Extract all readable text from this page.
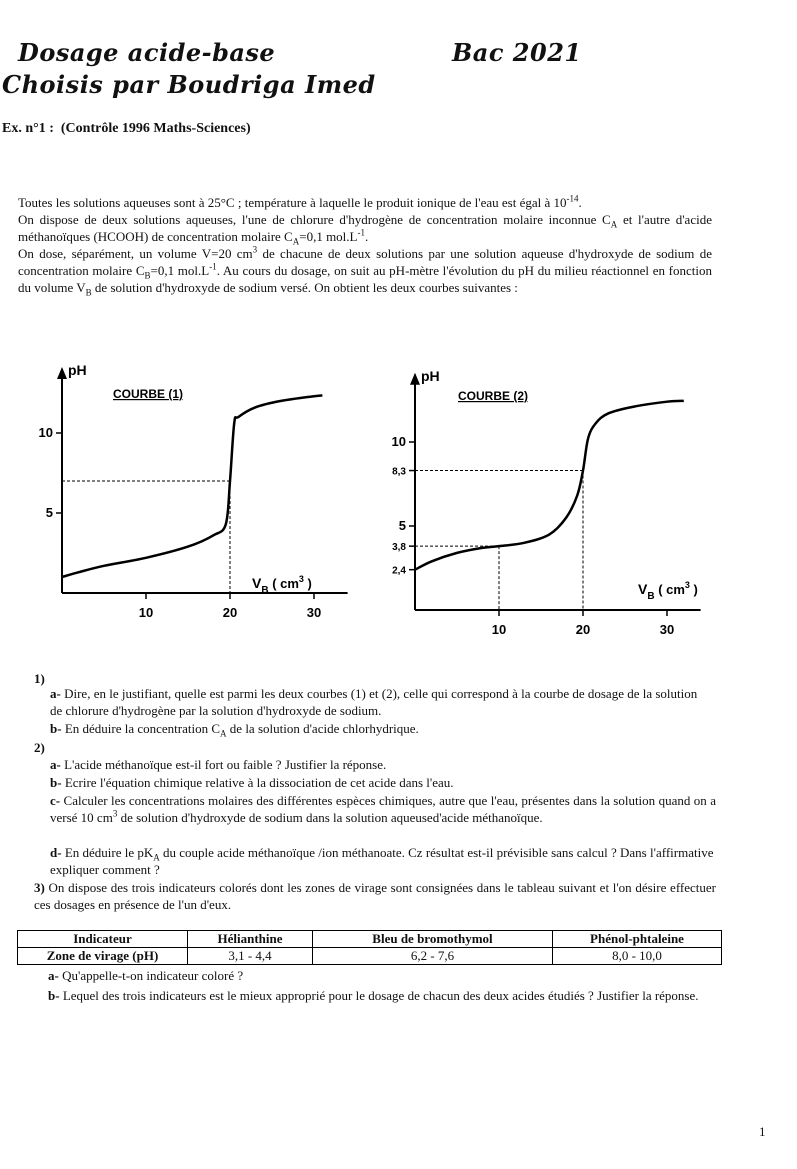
Dosage acide-base	Bac 2021
Choisis par Boudriga Imed
Ex. n°1 : (Contrôle 1996 Maths-Sciences)
Toutes les solutions aqueuses sont à 25°C ; température à laquelle le produit ionique de l'eau est égal à $10^{-14}$.
On dispose de deux solutions aqueuses, l'une de chlorure d'hydrogène de concentration molaire inconnue $C_A$ et l'autre d'acide méthanoïques (HCOOH) de concentration molaire $C_A=0,1$ $mol.L^{-1}$.
On dose, séparément, un volume V=20 $cm^3$ de chacune de deux solutions par une solution aqueuse d'hydroxyde de sodium de concentration molaire $C_B=0,1$ $mol.L^{-1}$. Au cours du dosage, on suit au pH-mètre l'évolution du pH du milieu réactionnel en fonction du volume $V_B$ de solution d'hydroxyde de sodium versé. On obtient les deux courbes suivantes :
pH
COURBE (1)
10	20	30
5
10
$V_B$ ( $cm^3$ )
pH
COURBE (2)
10	20	30
2,4
3,8
5
8,3
10
$V_B$ ( $cm^3$ )
1)
a- Dire, en le justifiant, quelle est parmi les deux courbes (1) et (2), celle qui correspond à la courbe de dosage de la solution de chlorure d'hydrogène par la solution d'hydroxyde de sodium.
b- En déduire la concentration $C_A$ de la solution d'acide chlorhydrique.
2)
a- L'acide méthanoïque est-il fort ou faible ? Justifier la réponse.
b- Ecrire l'équation chimique relative à la dissociation de cet acide dans l'eau.
c- Calculer les concentrations molaires des différentes espèces chimiques, autre que l'eau, présentes dans la solution quand on a versé 10 $cm^3$ de solution d'hydroxyde de sodium dans la solution aqueused'acide méthanoïque.
d- En déduire le $pK_A$ du couple acide méthanoïque /ion méthanoate. Cz résultat est-il prévisible sans calcul ? Dans l'affirmative expliquer comment ?
3) On dispose des trois indicateurs colorés dont les zones de virage sont consignées dans le tableau suivant et l'on désire effectuer ces dosages en présence de l'un d'eux.
Indicateur	Hélianthine	Bleu de bromothymol	Phénol-phtaleine
Zone de virage (pH)	3,1 - 4,4	6,2 - 7,6	8,0 - 10,0
a- Qu'appelle-t-on indicateur coloré ?
b- Lequel des trois indicateurs est le mieux approprié pour le dosage de chacun des deux acides étudiés ? Justifier la réponse.
1
